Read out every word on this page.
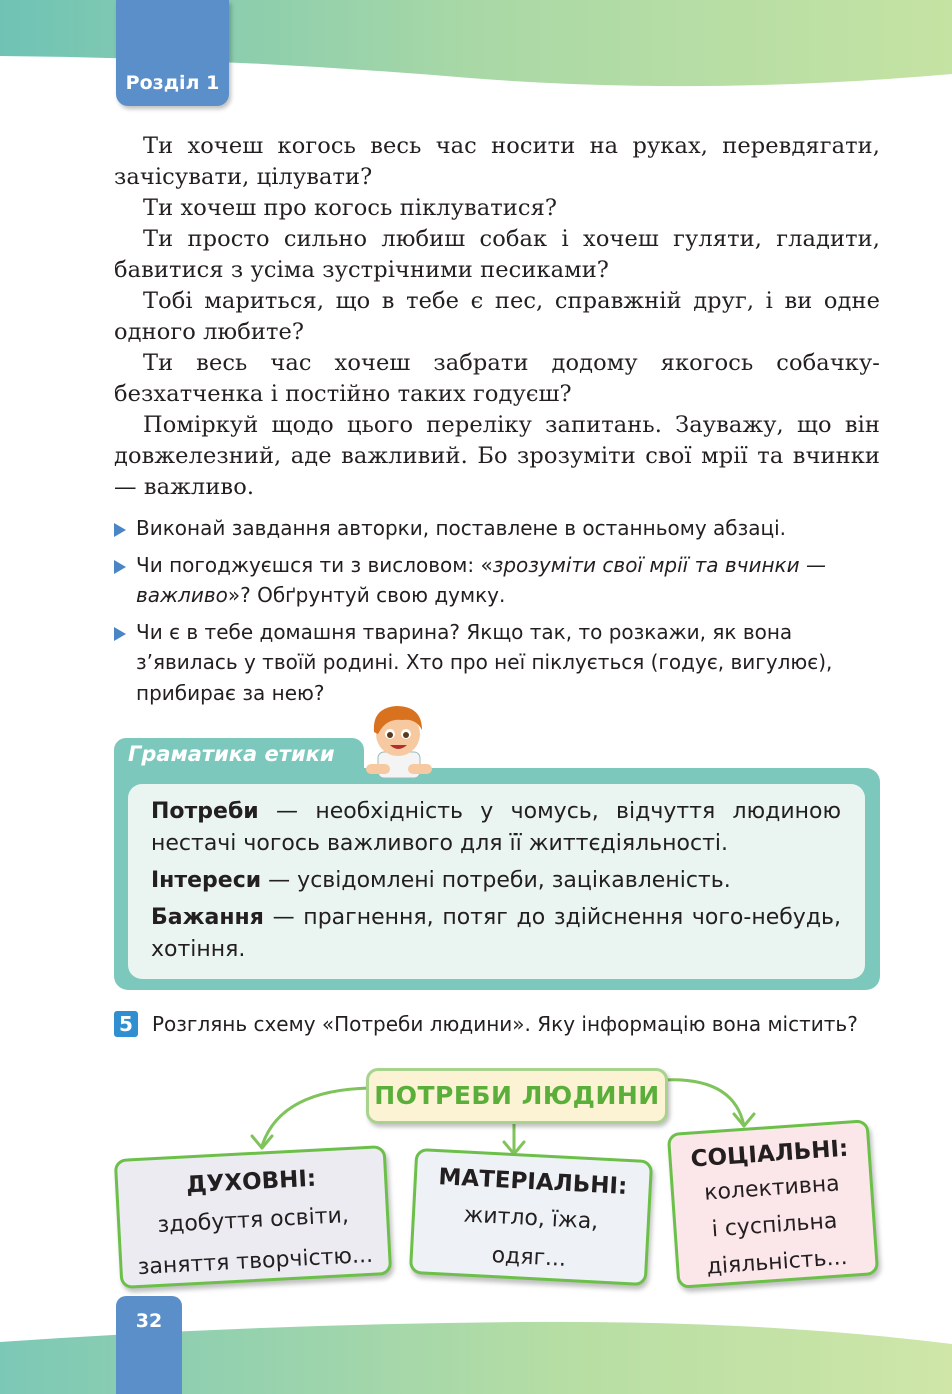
Розділ 1
32

Ти хочеш когось весь час носити на руках, перевдягати, зачісувати, цілувати?

Ти хочеш про когось піклуватися?

Ти просто сильно любиш собак і хочеш гуляти, гладити, бавитися з усіма зустрічними песиками?

Тобі мариться, що в тебе є пес, справжній друг, і ви одне одного любите?

Ти весь час хочеш забрати додому якогось собачку-безхатченка і постійно таких годуєш?

Поміркуй щодо цього переліку запитань. Зауважу, що він довжелезний, аде важливий. Бо зрозуміти свої мрії та вчинки — важливо.

Виконай завдання авторки, поставлене в останньому абзаці.
Чи погоджуєшся ти з висловом: «зрозуміти свої мрії та вчинки — важливо»? Обґрунтуй свою думку.
Чи є в тебе домашня тварина? Якщо так, то розкажи, як вона з’явилась у твоїй родині. Хто про неї піклується (годує, вигулює), прибирає за нею?
Граматика етики

Потреби — необхідність у чомусь, відчуття людиною нестачі чогось важливого для її життєдіяльності.

Інтереси — усвідомлені потреби, зацікавленість.

Бажання — прагнення, потяг до здійснення чого-небудь, хотіння.

5 Розглянь схему «Потреби людини». Яку інформацію вона містить?
ПОТРЕБИ ЛЮДИНИ
ДУХОВНІ:
здобуття освіти,
заняття творчістю...
МАТЕРІАЛЬНІ:
житло, їжа,
одяг...
СОЦІАЛЬНІ:
колективна
і суспільна
діяльність...
